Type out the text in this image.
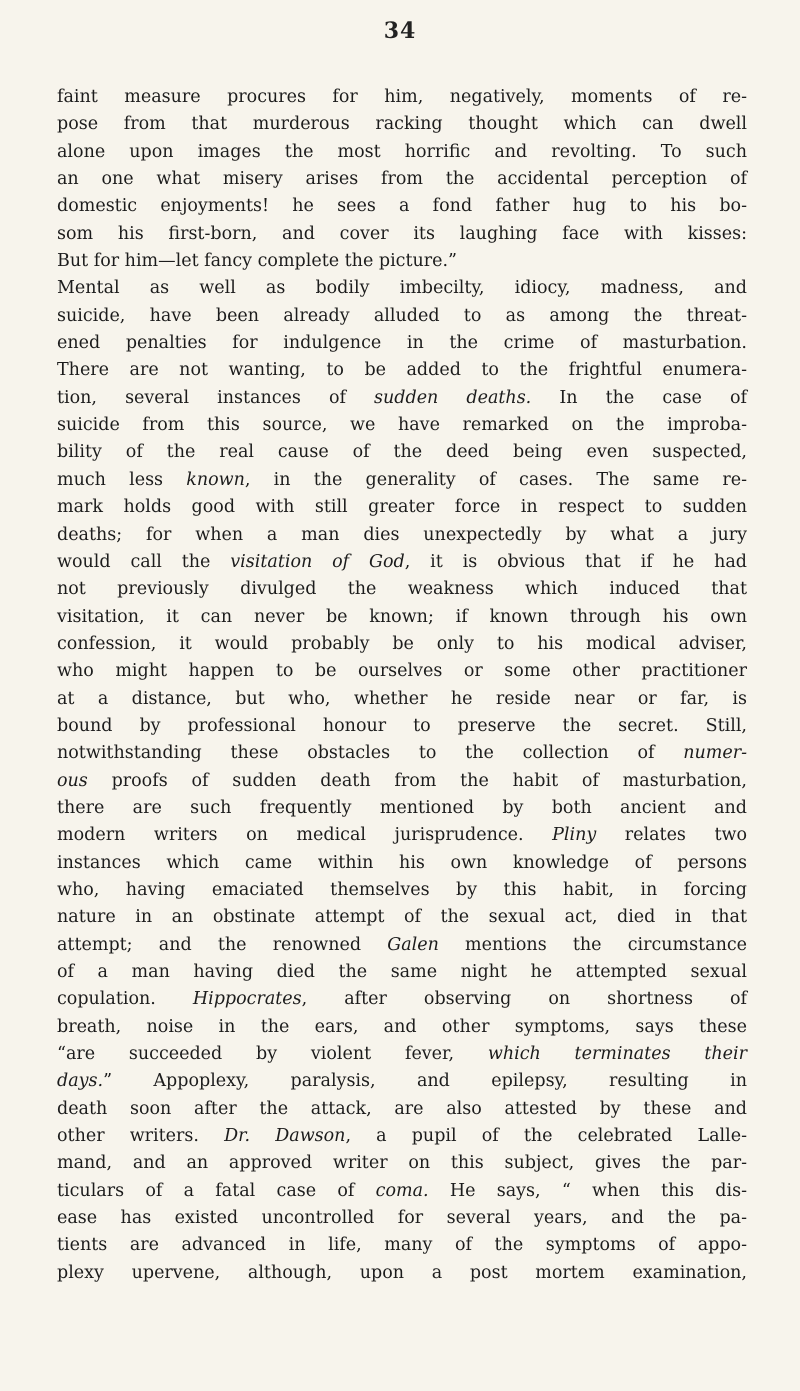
34
faint measure procures for him, negatively, moments of re-
pose from that murderous racking thought which can dwell
alone upon images the most horrific and revolting. To such
an one what misery arises from the accidental perception of
domestic enjoyments! he sees a fond father hug to his bo-
som his first-born, and cover its laughing face with kisses:
But for him—let fancy complete the picture.”
Mental as well as bodily imbecilty, idiocy, madness, and
suicide, have been already alluded to as among the threat-
ened penalties for indulgence in the crime of masturbation.
There are not wanting, to be added to the frightful enumera-
tion, several instances of sudden deaths. In the case of
suicide from this source, we have remarked on the improba-
bility of the real cause of the deed being even suspected,
much less known, in the generality of cases. The same re-
mark holds good with still greater force in respect to sudden
deaths; for when a man dies unexpectedly by what a jury
would call the visitation of God, it is obvious that if he had
not previously divulged the weakness which induced that
visitation, it can never be known; if known through his own
confession, it would probably be only to his modical adviser,
who might happen to be ourselves or some other practitioner
at a distance, but who, whether he reside near or far, is
bound by professional honour to preserve the secret. Still,
notwithstanding these obstacles to the collection of numer-
ous proofs of sudden death from the habit of masturbation,
there are such frequently mentioned by both ancient and
modern writers on medical jurisprudence. Pliny relates two
instances which came within his own knowledge of persons
who, having emaciated themselves by this habit, in forcing
nature in an obstinate attempt of the sexual act, died in that
attempt; and the renowned Galen mentions the circumstance
of a man having died the same night he attempted sexual
copulation. Hippocrates, after observing on shortness of
breath, noise in the ears, and other symptoms, says these
“are succeeded by violent fever, which terminates their
days.” Appoplexy, paralysis, and epilepsy, resulting in
death soon after the attack, are also attested by these and
other writers. Dr. Dawson, a pupil of the celebrated Lalle-
mand, and an approved writer on this subject, gives the par-
ticulars of a fatal case of coma. He says, “ when this dis-
ease has existed uncontrolled for several years, and the pa-
tients are advanced in life, many of the symptoms of appo-
plexy upervene, although, upon a post mortem examination,
